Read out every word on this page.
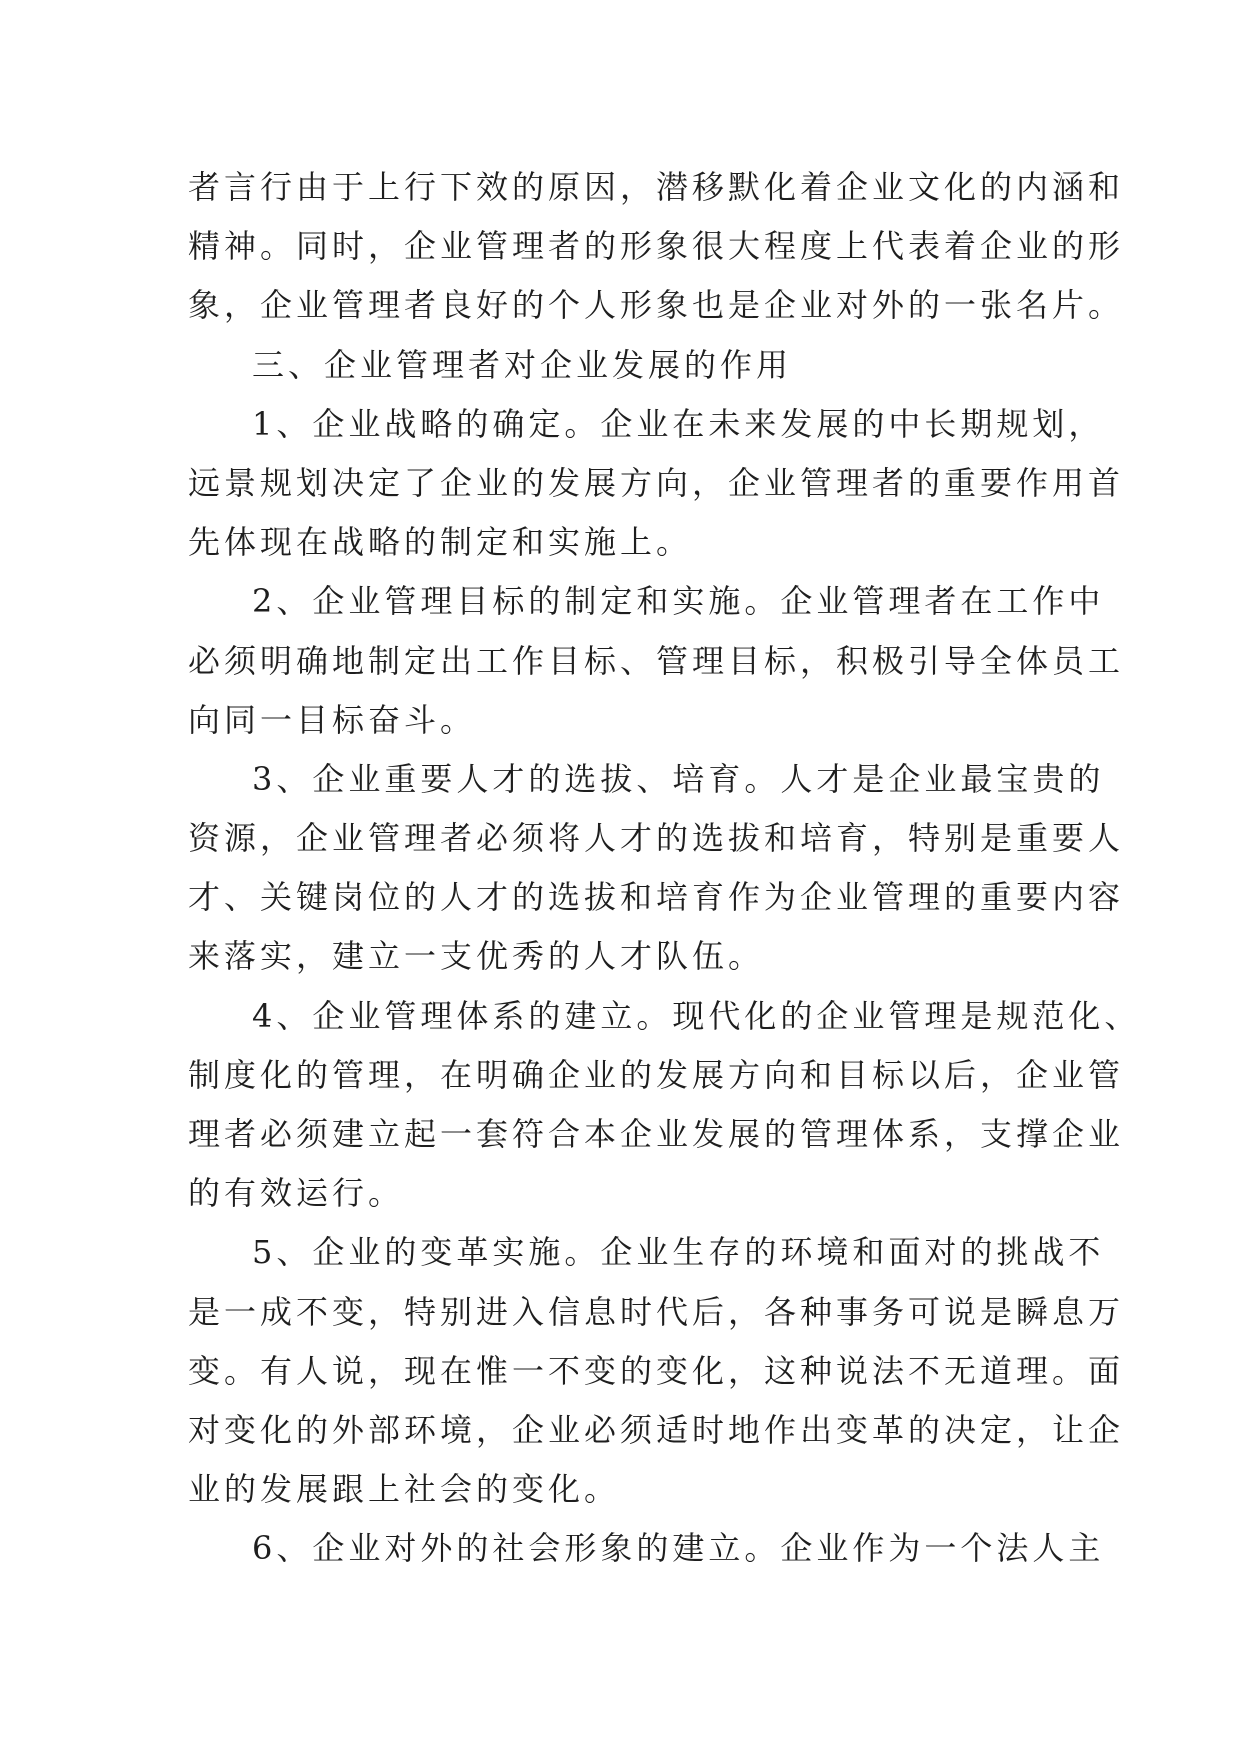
者言行由于上行下效的原因，潜移默化着企业文化的内涵和
精神。同时，企业管理者的形象很大程度上代表着企业的形
象，企业管理者良好的个人形象也是企业对外的一张名片。
三、企业管理者对企业发展的作用
1、企业战略的确定。企业在未来发展的中长期规划，
远景规划决定了企业的发展方向，企业管理者的重要作用首
先体现在战略的制定和实施上。
2、企业管理目标的制定和实施。企业管理者在工作中
必须明确地制定出工作目标、管理目标，积极引导全体员工
向同一目标奋斗。
3、企业重要人才的选拔、培育。人才是企业最宝贵的
资源，企业管理者必须将人才的选拔和培育，特别是重要人
才、关键岗位的人才的选拔和培育作为企业管理的重要内容
来落实，建立一支优秀的人才队伍。
4、企业管理体系的建立。现代化的企业管理是规范化、
制度化的管理，在明确企业的发展方向和目标以后，企业管
理者必须建立起一套符合本企业发展的管理体系，支撑企业
的有效运行。
5、企业的变革实施。企业生存的环境和面对的挑战不
是一成不变，特别进入信息时代后，各种事务可说是瞬息万
变。有人说，现在惟一不变的变化，这种说法不无道理。面
对变化的外部环境，企业必须适时地作出变革的决定，让企
业的发展跟上社会的变化。
6、企业对外的社会形象的建立。企业作为一个法人主
